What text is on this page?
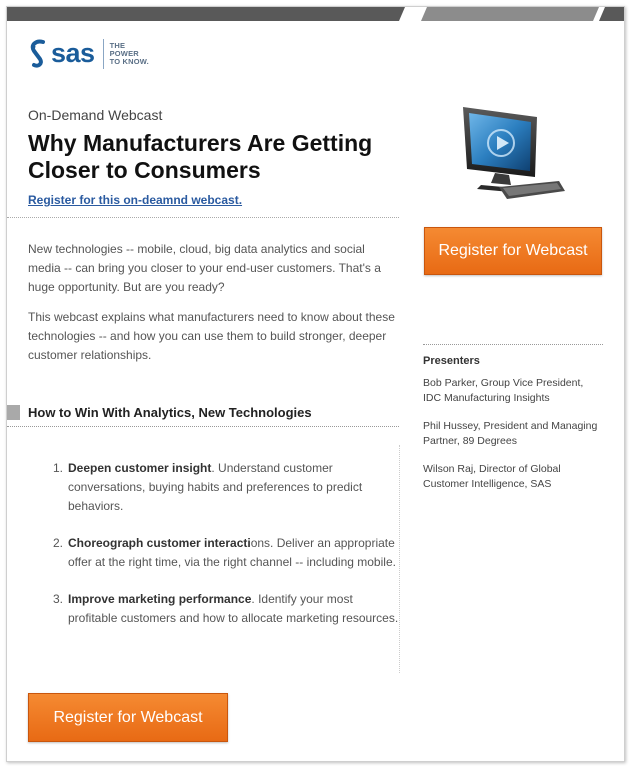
sas THE
POWER
TO KNOW.
On-Demand Webcast
Why Manufacturers Are Getting Closer to Consumers
Register for this on-deamnd webcast.

New technologies -- mobile, cloud, big data analytics and social media -- can bring you closer to your end-user customers. That's a huge opportunity. But are you ready?

This webcast explains what manufacturers need to know about these technologies -- and how you can use them to build stronger, deeper customer relationships.

Register for Webcast
Presenters
Bob Parker, Group Vice President, IDC Manufacturing Insights
Phil Hussey, President and Managing Partner, 89 Degrees
Wilson Raj, Director of Global Customer Intelligence, SAS
How to Win With Analytics, New Technologies
1. Deepen customer insight. Understand customer conversations, buying habits and preferences to predict behaviors.
2. Choreograph customer interactions. Deliver an appropriate offer at the right time, via the right channel -- including mobile.
3. Improve marketing performance. Identify your most profitable customers and how to allocate marketing resources.
Register for Webcast
